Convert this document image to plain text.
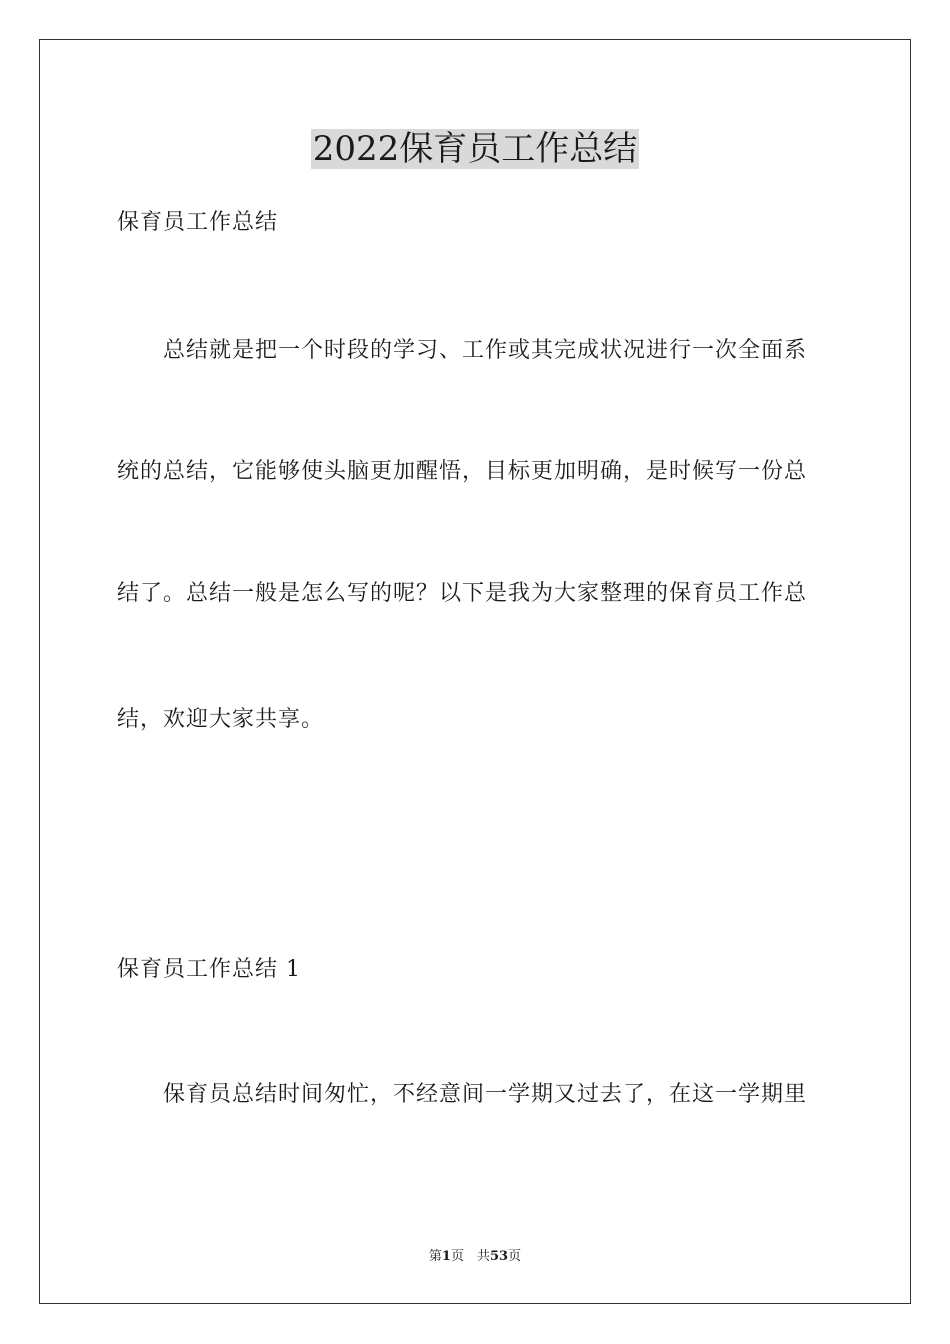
2022保育员工作总结
保育员工作总结
总结就是把一个时段的学习、工作或其完成状况进行一次全面系
统的总结，它能够使头脑更加醒悟，目标更加明确，是时候写一份总
结了。总结一般是怎么写的呢？以下是我为大家整理的保育员工作总
结，欢迎大家共享。
保育员工作总结 1
保育员总结时间匆忙，不经意间一学期又过去了，在这一学期里
第1页　共53页
